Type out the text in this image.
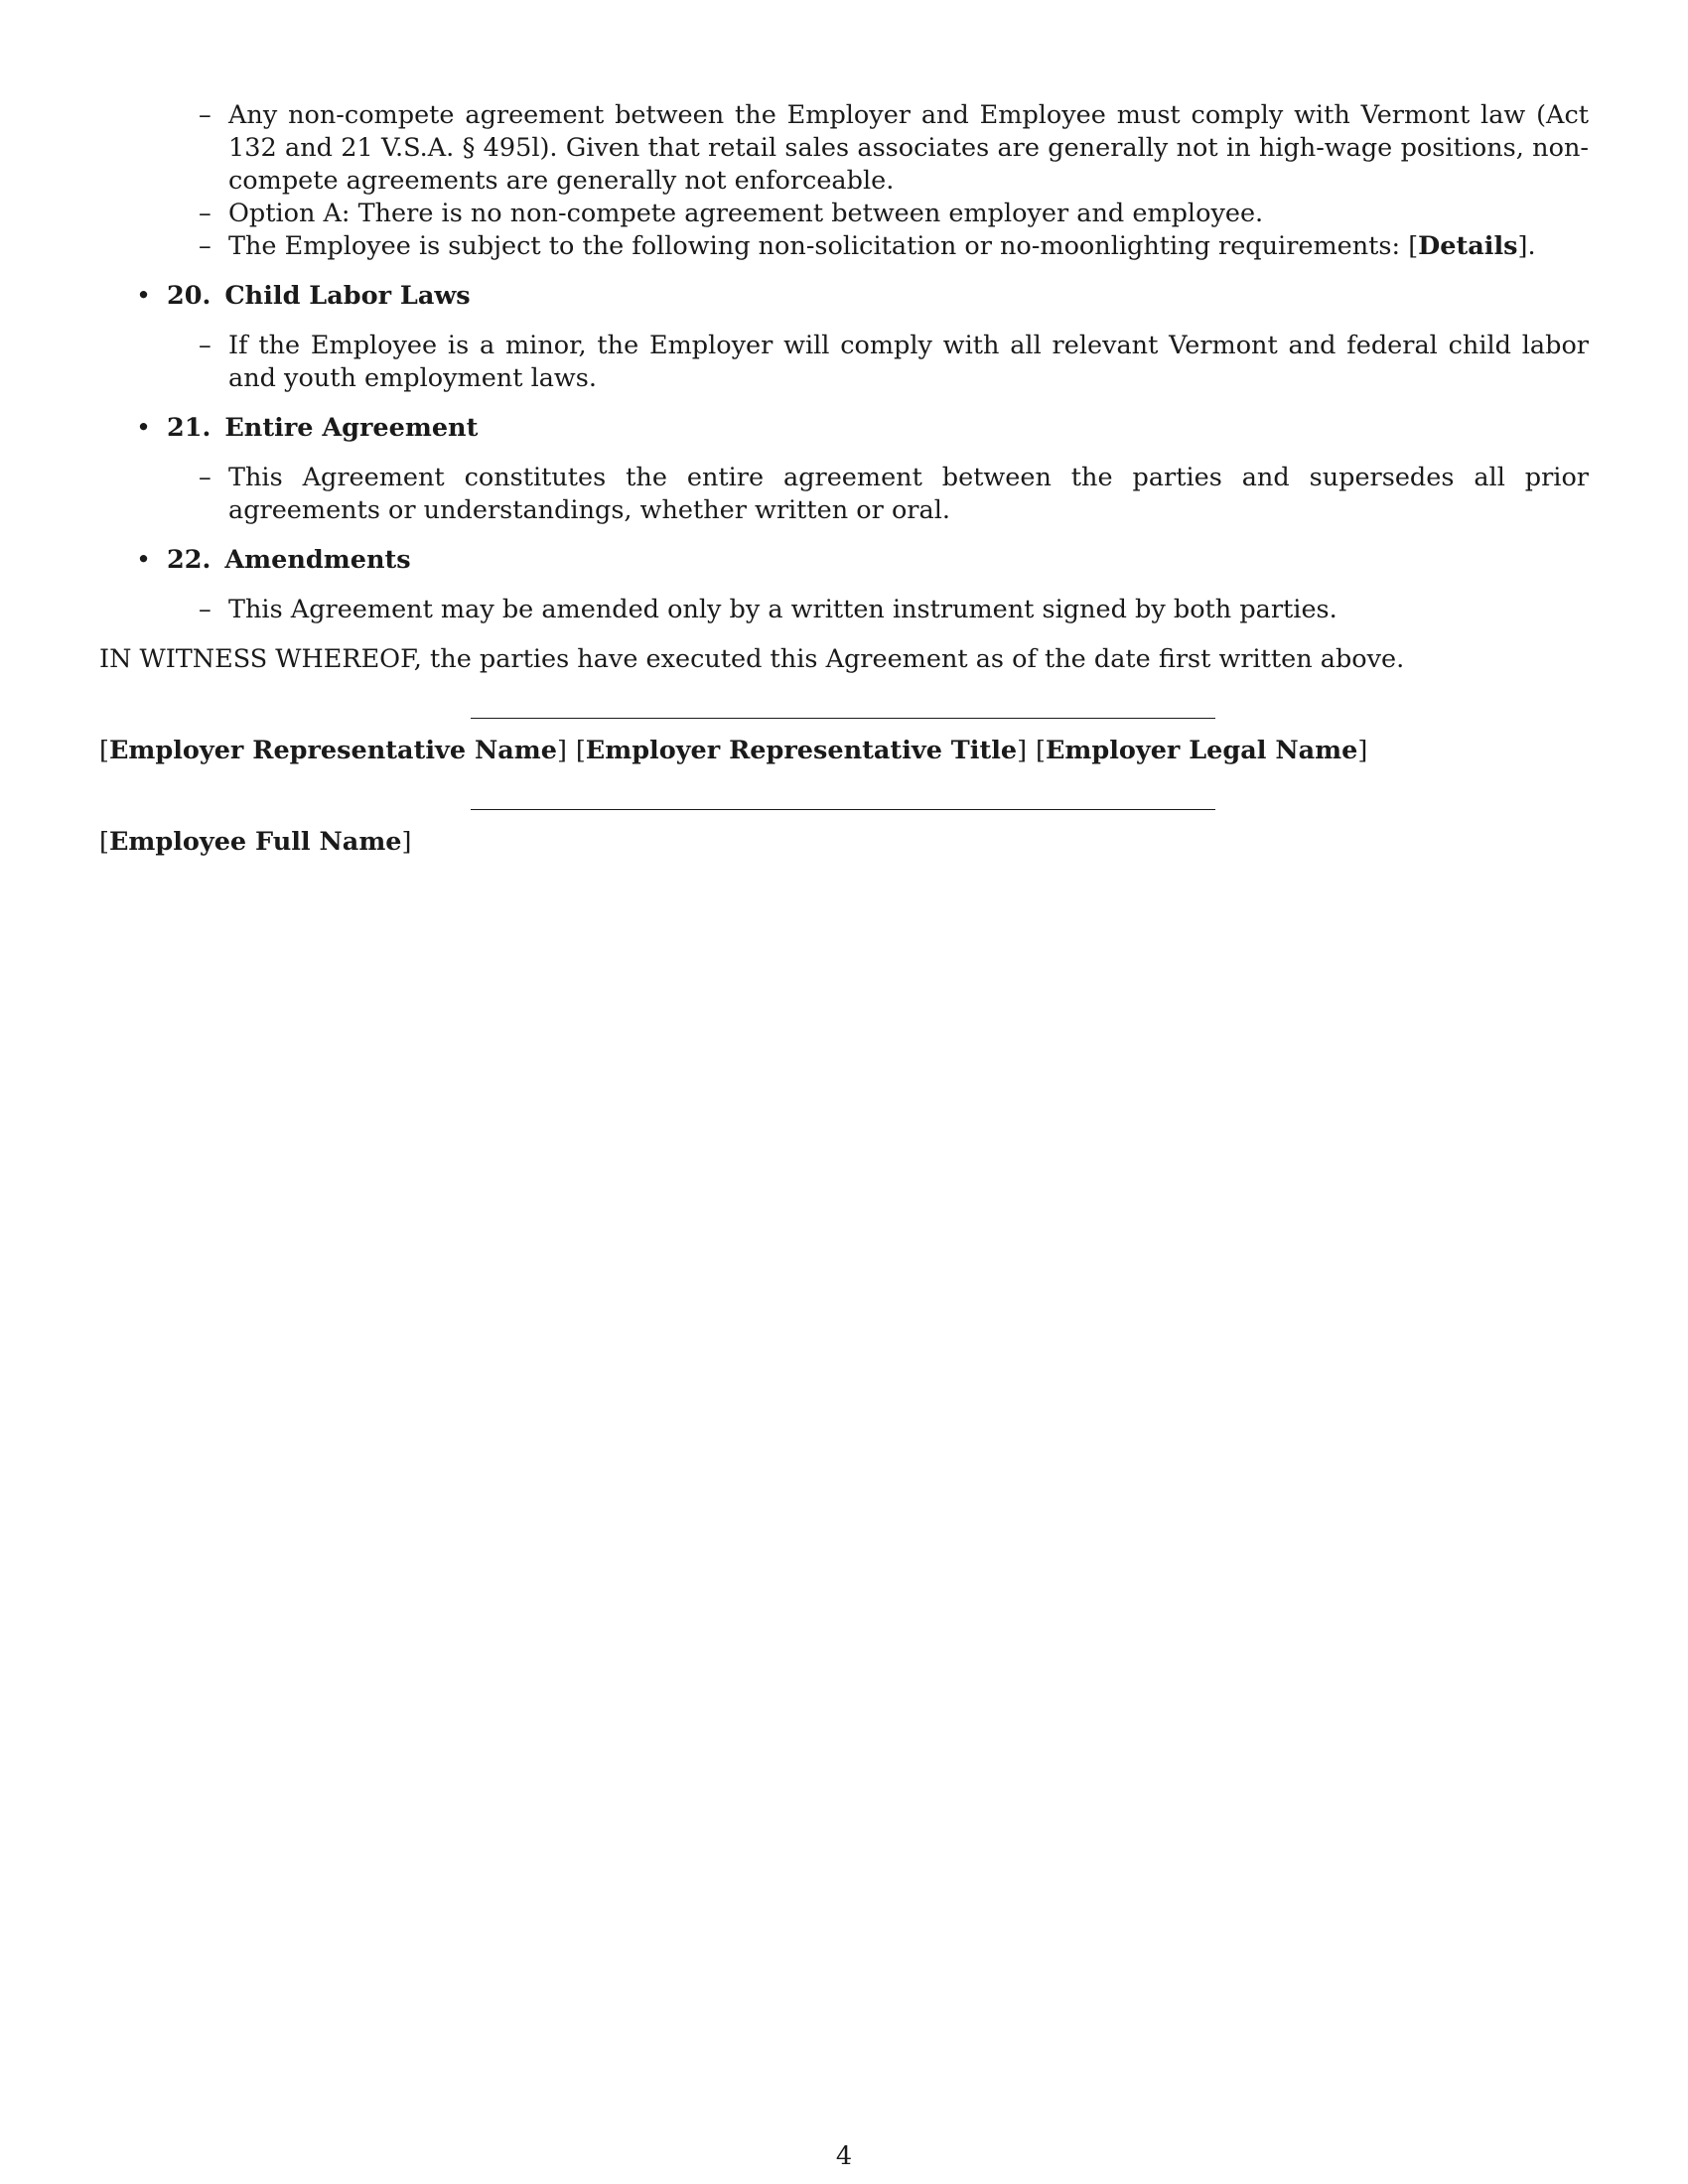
– Any non-compete agreement between the Employer and Employee must comply with Vermont law (Act 132 and 21 V.S.A. § 495l). Given that retail sales associates are generally not in high-wage positions, non-compete agreements are generally not enforceable.
– Option A: There is no non-compete agreement between employer and employee.
– The Employee is subject to the following non-solicitation or no-moonlighting requirements: [Details].
• 20. Child Labor Laws
– If the Employee is a minor, the Employer will comply with all relevant Vermont and federal child labor and youth employment laws.
• 21. Entire Agreement
– This Agreement constitutes the entire agreement between the parties and supersedes all prior agreements or understandings, whether written or oral.
• 22. Amendments
– This Agreement may be amended only by a written instrument signed by both parties.
IN WITNESS WHEREOF, the parties have executed this Agreement as of the date first written above.
[Employer Representative Name] [Employer Representative Title] [Employer Legal Name]
[Employee Full Name]
4
